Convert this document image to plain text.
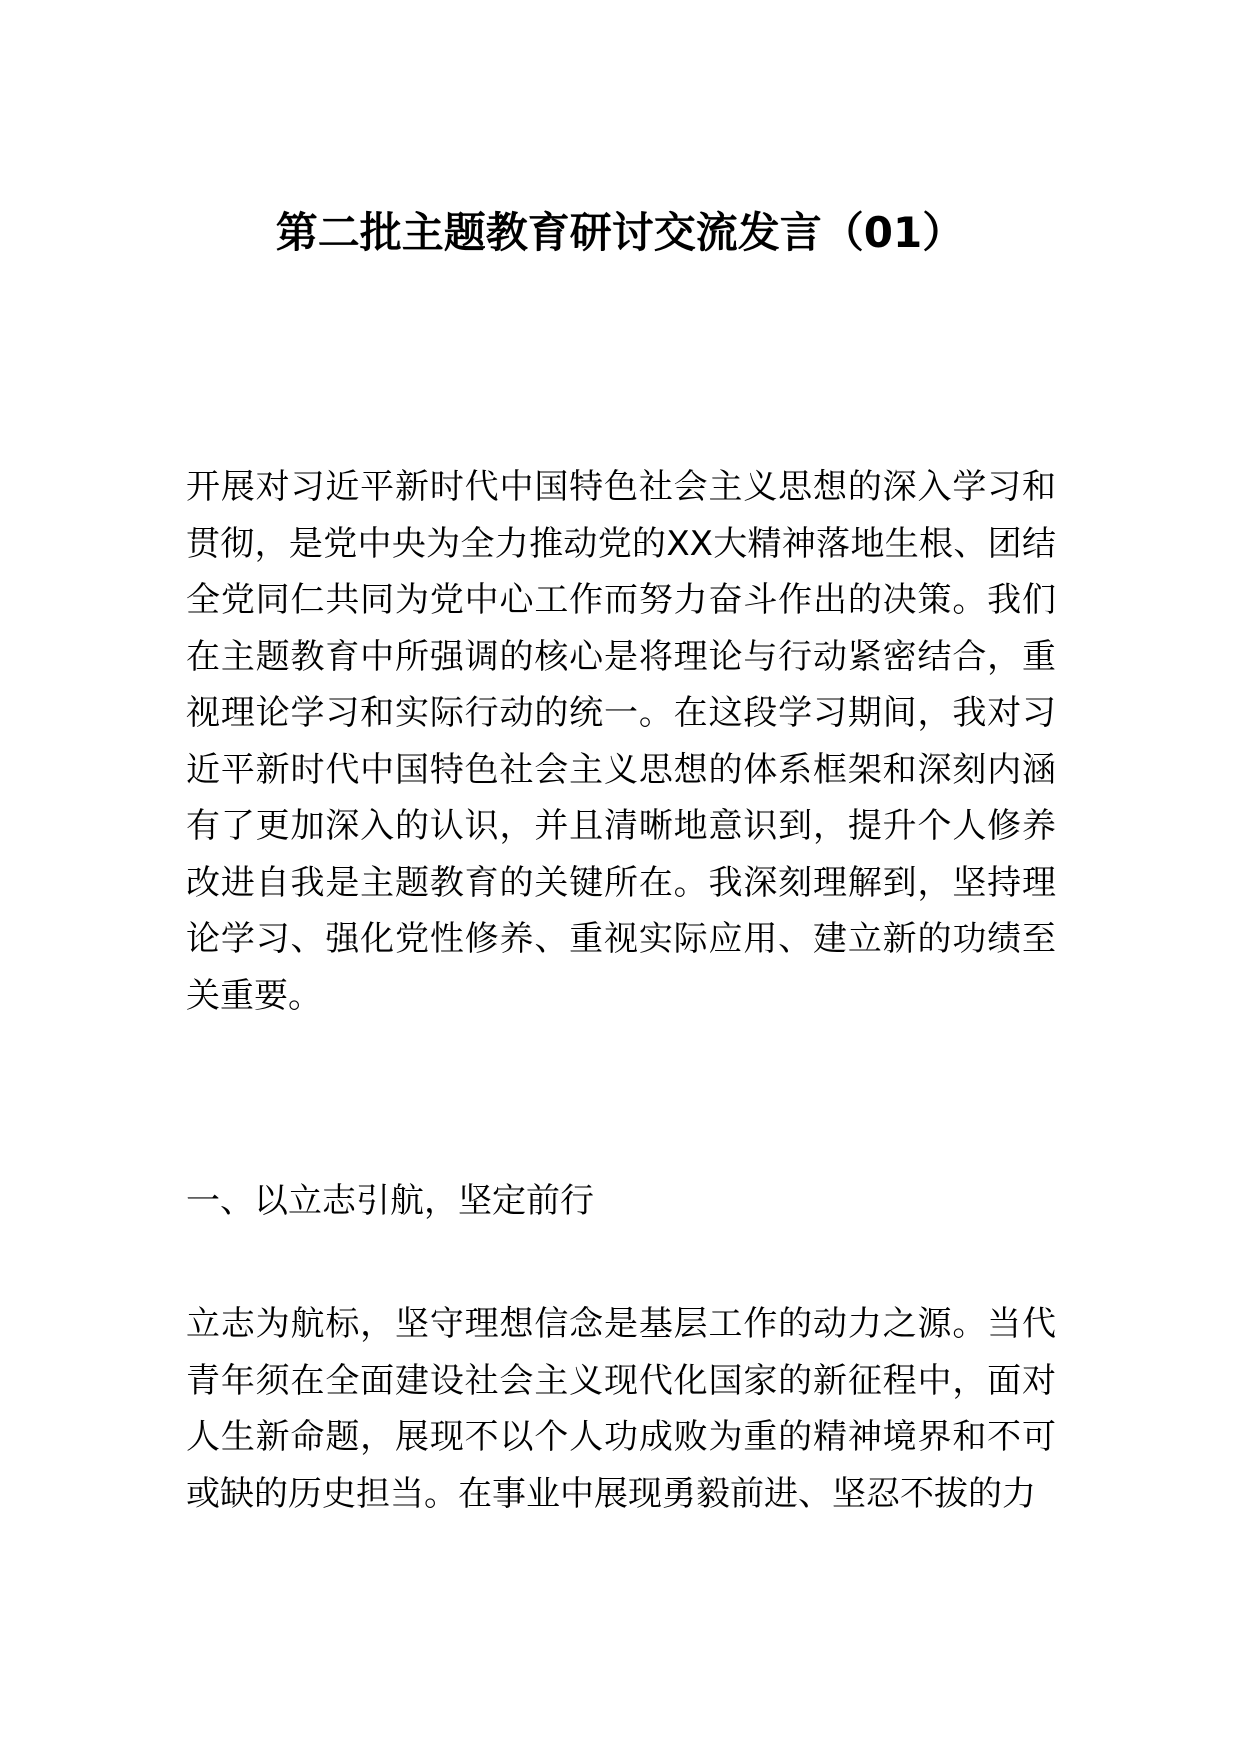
第二批主题教育研讨交流发言（01）

开展对习近平新时代中国特色社会主义思想的深入学习和贯彻，是党中央为全力推动党的XX大精神落地生根、团结全党同仁共同为党中心工作而努力奋斗作出的决策。我们在主题教育中所强调的核心是将理论与行动紧密结合，重视理论学习和实际行动的统一。在这段学习期间，我对习近平新时代中国特色社会主义思想的体系框架和深刻内涵有了更加深入的认识，并且清晰地意识到，提升个人修养改进自我是主题教育的关键所在。我深刻理解到，坚持理论学习、强化党性修养、重视实际应用、建立新的功绩至关重要。

一、以立志引航，坚定前行

立志为航标，坚守理想信念是基层工作的动力之源。当代青年须在全面建设社会主义现代化国家的新征程中，面对人生新命题，展现不以个人功成败为重的精神境界和不可或缺的历史担当。在事业中展现勇毅前进、坚忍不拔的力
